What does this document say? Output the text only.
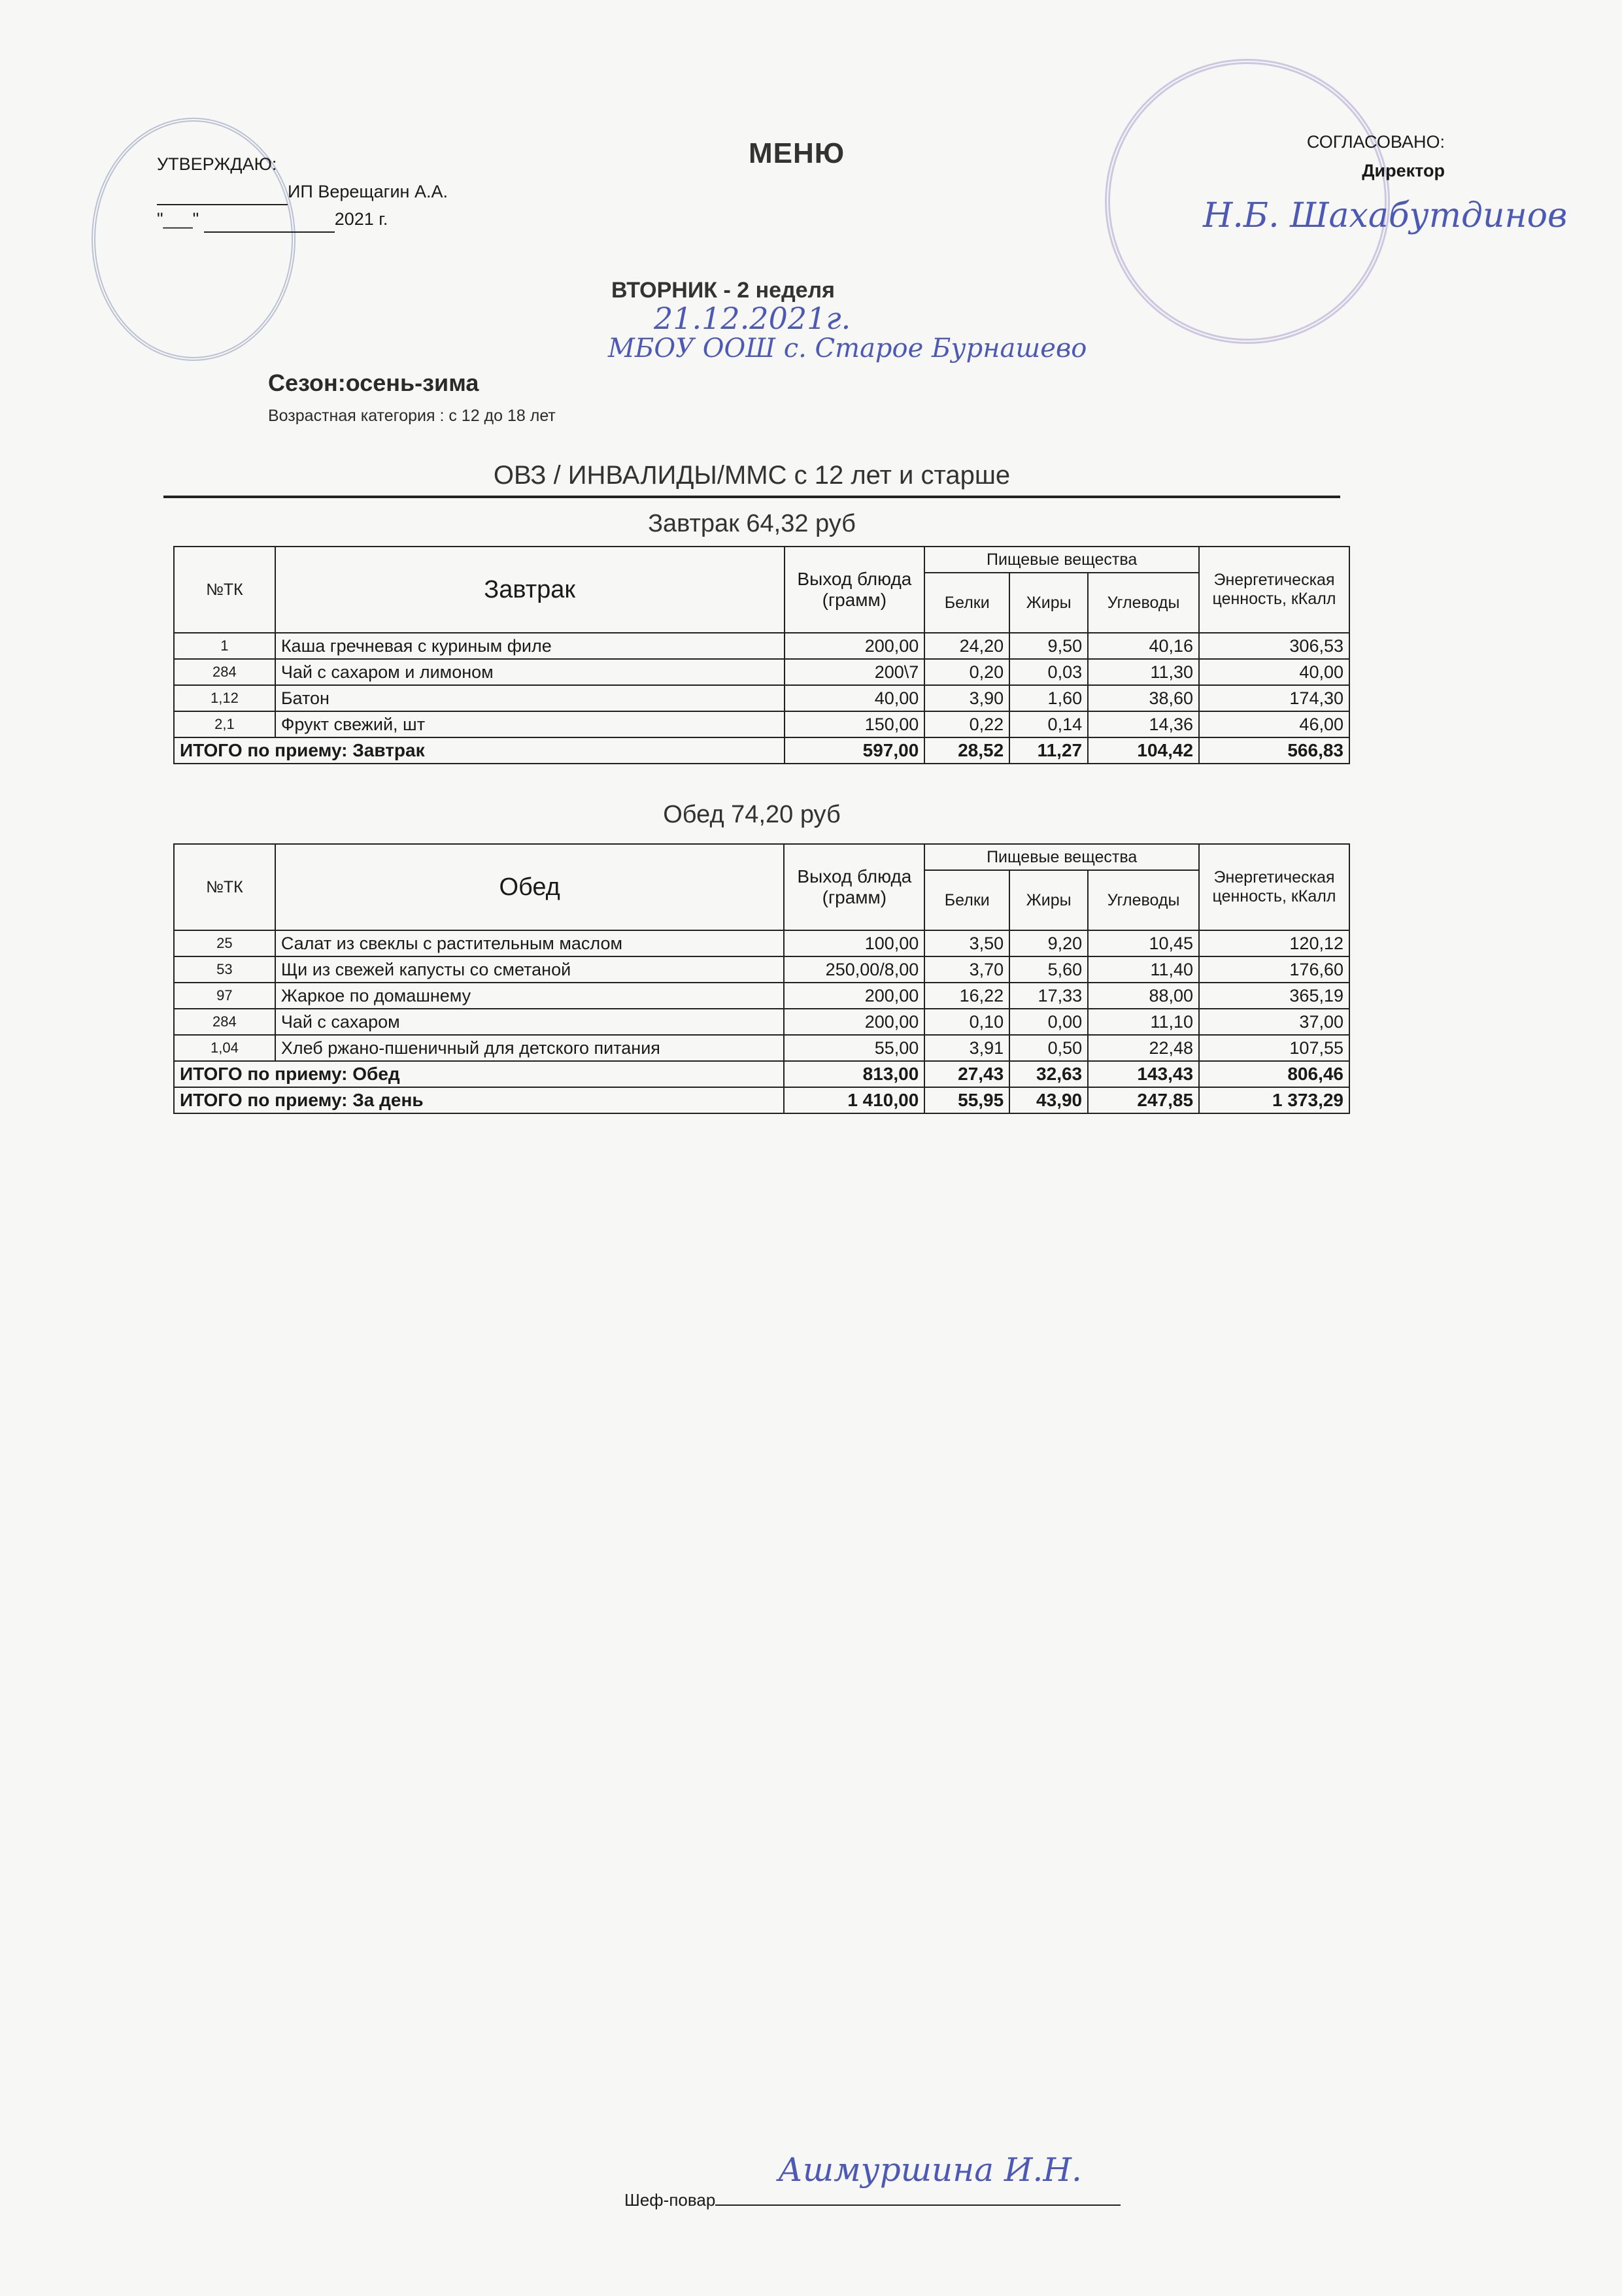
УТВЕРЖДАЮ:
ИП Верещагин А.А.
"___"	2021 г.
МЕНЮ	СОГЛАСОВАНО:
Директор
Н.Б. Шахабутдинов
ВТОРНИК - 2 неделя
21.12.2021г.
МБОУ ООШ с. Старое Бурнашево
Сезон:осень-зима
Возрастная категория : с 12 до 18 лет
ОВЗ / ИНВАЛИДЫ/ММС с 12 лет и старше
Завтрак 64,32 руб
№ТК	Завтрак	Выход блюда (грамм)	Пищевые вещества			Энергетическая ценность, кКалл
			Белки	Жиры	Углеводы	
1	Каша гречневая с куриным филе	200,00	24,20	9,50	40,16	306,53
284	Чай с сахаром и лимоном	200\7	0,20	0,03	11,30	40,00
1,12	Батон	40,00	3,90	1,60	38,60	174,30
2,1	Фрукт свежий, шт	150,00	0,22	0,14	14,36	46,00
ИТОГО по приему: Завтрак		597,00	28,52	11,27	104,42	566,83
Обед 74,20 руб
№ТК	Обед	Выход блюда (грамм)	Пищевые вещества			Энергетическая ценность, кКалл
			Белки	Жиры	Углеводы	
25	Салат из свеклы с растительным маслом	100,00	3,50	9,20	10,45	120,12
53	Щи из свежей капусты со сметаной	250,00/8,00	3,70	5,60	11,40	176,60
97	Жаркое по домашнему	200,00	16,22	17,33	88,00	365,19
284	Чай с сахаром	200,00	0,10	0,00	11,10	37,00
1,04	Хлеб ржано-пшеничный для детского питания	55,00	3,91	0,50	22,48	107,55
ИТОГО по приему: Обед		813,00	27,43	32,63	143,43	806,46
ИТОГО по приему: За день		1 410,00	55,95	43,90	247,85	1 373,29
Шеф-повар
Ашмуршина И.Н.
